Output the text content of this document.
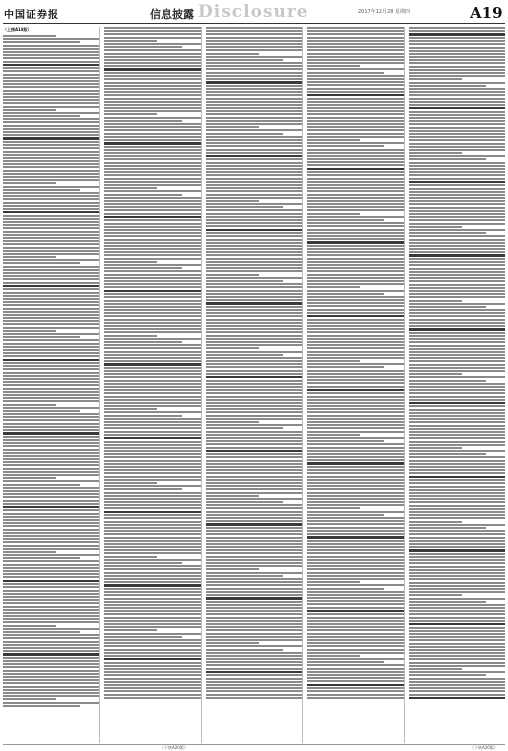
中国证券报	信息披露 Disclosure	2017年12月28 星期四	A19
（上接A18版）
（下转A20版）	（下转A20版）
